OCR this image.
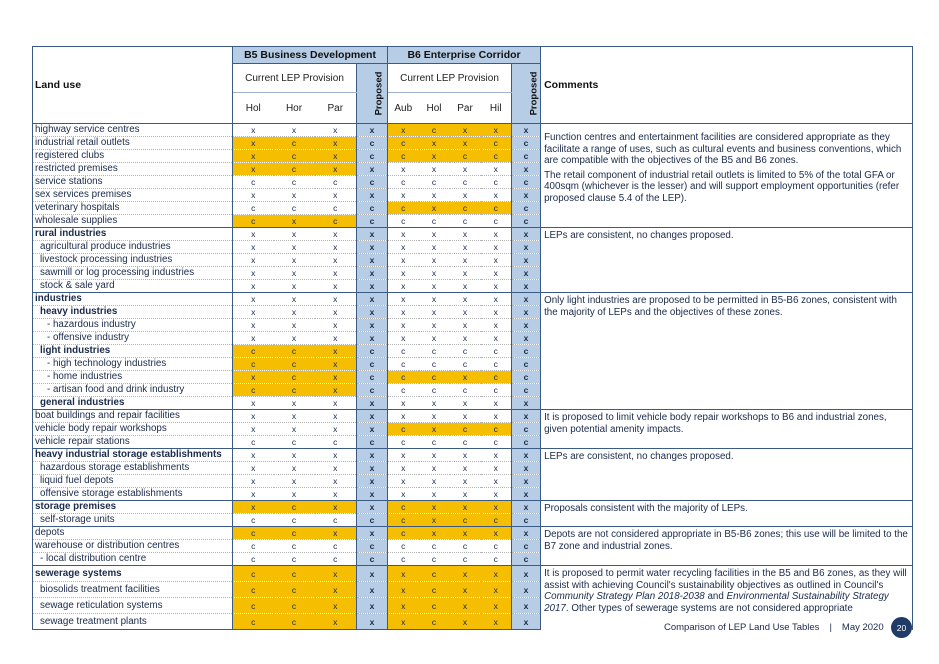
Land use	B5 Business Development				B6 Enterprise Corridor					Comments
	Current LEP Provision			Proposed	Current LEP Provision				Proposed	
	Hol	Hor	Par		Aub	Hol	Par	Hil		
highway service centres	x	x	x	x	x	c	x	x	x	Function centres and entertainment facilities are considered appropriate as they facilitate a range of uses, such as cultural events and business conventions, which are compatible with the objectives of the B5 and B6 zones.

The retail component of industrial retail outlets is limited to 5% of the total GFA or 400sqm (whichever is the lesser) and will support employment opportunities (refer proposed clause 5.4 of the LEP).

industrial retail outlets	x	c	x	c	c	x	x	c	c	
registered clubs	x	c	x	c	c	x	c	c	c	
restricted premises	x	c	x	x	x	x	x	x	x	
service stations	c	c	c	c	c	c	c	c	c	
sex services premises	x	x	x	x	x	x	x	x	x	
veterinary hospitals	c	c	c	c	c	x	c	c	c	
wholesale supplies	c	x	c	c	c	c	c	c	c	
rural industries	x	x	x	x	x	x	x	x	x	LEPs are consistent, no changes proposed.

agricultural produce industries	x	x	x	x	x	x	x	x	x	
livestock processing industries	x	x	x	x	x	x	x	x	x	
sawmill or log processing industries	x	x	x	x	x	x	x	x	x	
stock & sale yard	x	x	x	x	x	x	x	x	x	
industries	x	x	x	x	x	x	x	x	x	Only light industries are proposed to be permitted in B5-B6 zones, consistent with the majority of LEPs and the objectives of these zones.

heavy industries	x	x	x	x	x	x	x	x	x	
- hazardous industry	x	x	x	x	x	x	x	x	x	
- offensive industry	x	x	x	x	x	x	x	x	x	
light industries	c	c	x	c	c	c	c	c	c	
- high technology industries	c	c	x	c	c	c	c	c	c	
- home industries	x	c	x	c	c	c	x	c	c	
- artisan food and drink industry	c	c	x	c	c	c	c	c	c	
general industries	x	x	x	x	x	x	x	x	x	
boat buildings and repair facilities	x	x	x	x	x	x	x	x	x	It is proposed to limit vehicle body repair workshops to B6 and industrial zones, given potential amenity impacts.

vehicle body repair workshops	x	x	x	x	c	x	c	c	c	
vehicle repair stations	c	c	c	c	c	c	c	c	c	
heavy industrial storage establishments	x	x	x	x	x	x	x	x	x	LEPs are consistent, no changes proposed.

hazardous storage establishments	x	x	x	x	x	x	x	x	x	
liquid fuel depots	x	x	x	x	x	x	x	x	x	
offensive storage establishments	x	x	x	x	x	x	x	x	x	
storage premises	x	c	x	x	c	x	x	x	x	Proposals consistent with the majority of LEPs.

self-storage units	c	c	c	c	c	x	c	c	c	
depots	c	c	x	x	c	x	x	x	x	Depots are not considered appropriate in B5-B6 zones; this use will be limited to the B7 zone and industrial zones.

warehouse or distribution centres	c	c	c	c	c	c	c	c	c	
- local distribution centre	c	c	c	c	c	c	c	c	c	
sewerage systems	c	c	x	x	x	c	x	x	x	It is proposed to permit water recycling facilities in the B5 and B6 zones, as they will assist with achieving Council's sustainability objectives as outlined in Council's Community Strategy Plan 2018-2038 and Environmental Sustainability Strategy 2017. Other types of sewerage systems are not considered appropriate

biosolids treatment facilities	c	c	x	x	x	c	x	x	x	
sewage reticulation systems	c	c	x	x	x	c	x	x	x	
sewage treatment plants	c	c	x	x	x	c	x	x	x	
Comparison of LEP Land Use Tables | May 2020	20
